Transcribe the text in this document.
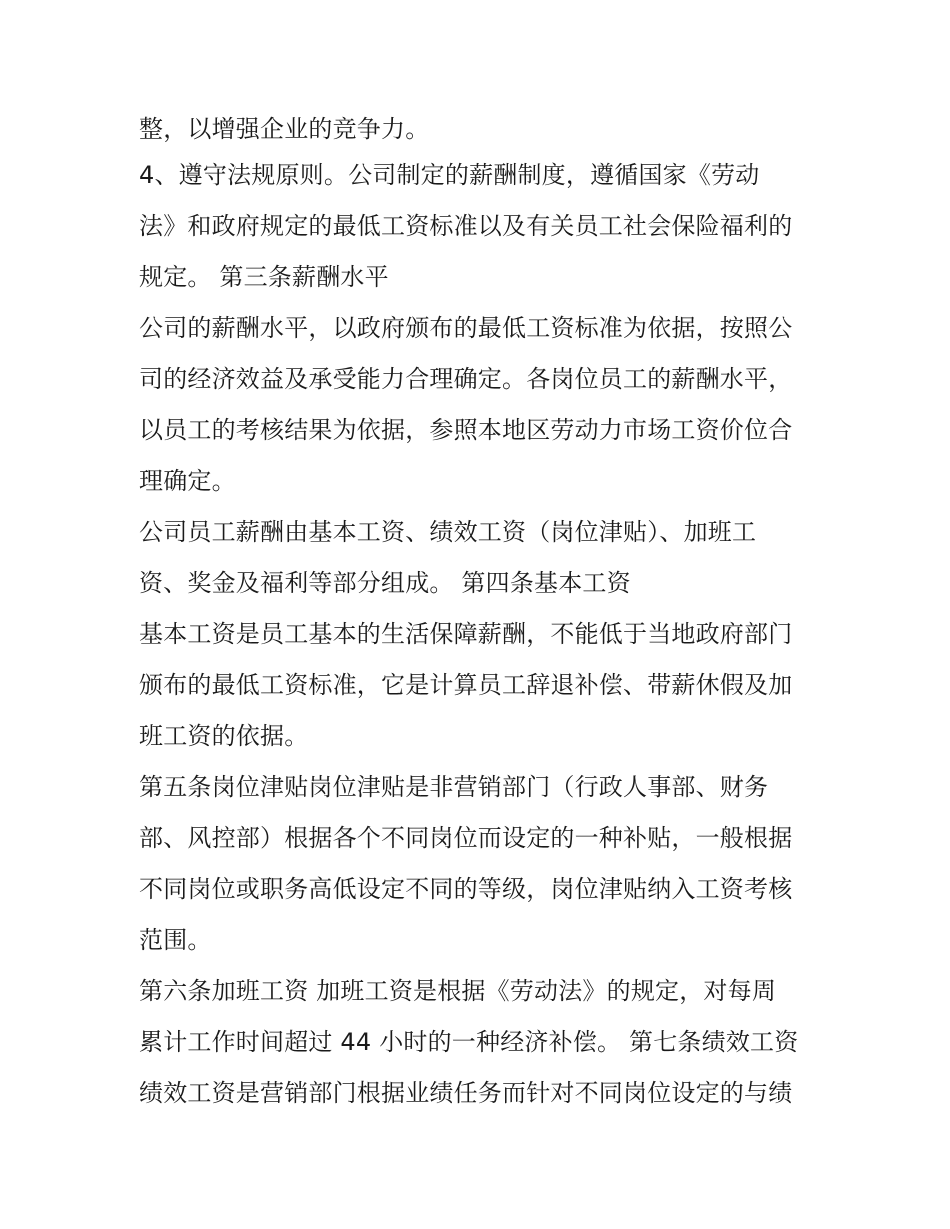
整，以增强企业的竞争力。
4、遵守法规原则。公司制定的薪酬制度，遵循国家《劳动
法》和政府规定的最低工资标准以及有关员工社会保险福利的
规定。 第三条薪酬水平
公司的薪酬水平，以政府颁布的最低工资标准为依据，按照公
司的经济效益及承受能力合理确定。各岗位员工的薪酬水平，
以员工的考核结果为依据，参照本地区劳动力市场工资价位合
理确定。
公司员工薪酬由基本工资、绩效工资（岗位津贴）、加班工
资、奖金及福利等部分组成。 第四条基本工资
基本工资是员工基本的生活保障薪酬，不能低于当地政府部门
颁布的最低工资标准，它是计算员工辞退补偿、带薪休假及加
班工资的依据。
第五条岗位津贴岗位津贴是非营销部门（行政人事部、财务
部、风控部）根据各个不同岗位而设定的一种补贴，一般根据
不同岗位或职务高低设定不同的等级，岗位津贴纳入工资考核
范围。
第六条加班工资 加班工资是根据《劳动法》的规定，对每周
累计工作时间超过 44 小时的一种经济补偿。 第七条绩效工资
绩效工资是营销部门根据业绩任务而针对不同岗位设定的与绩
